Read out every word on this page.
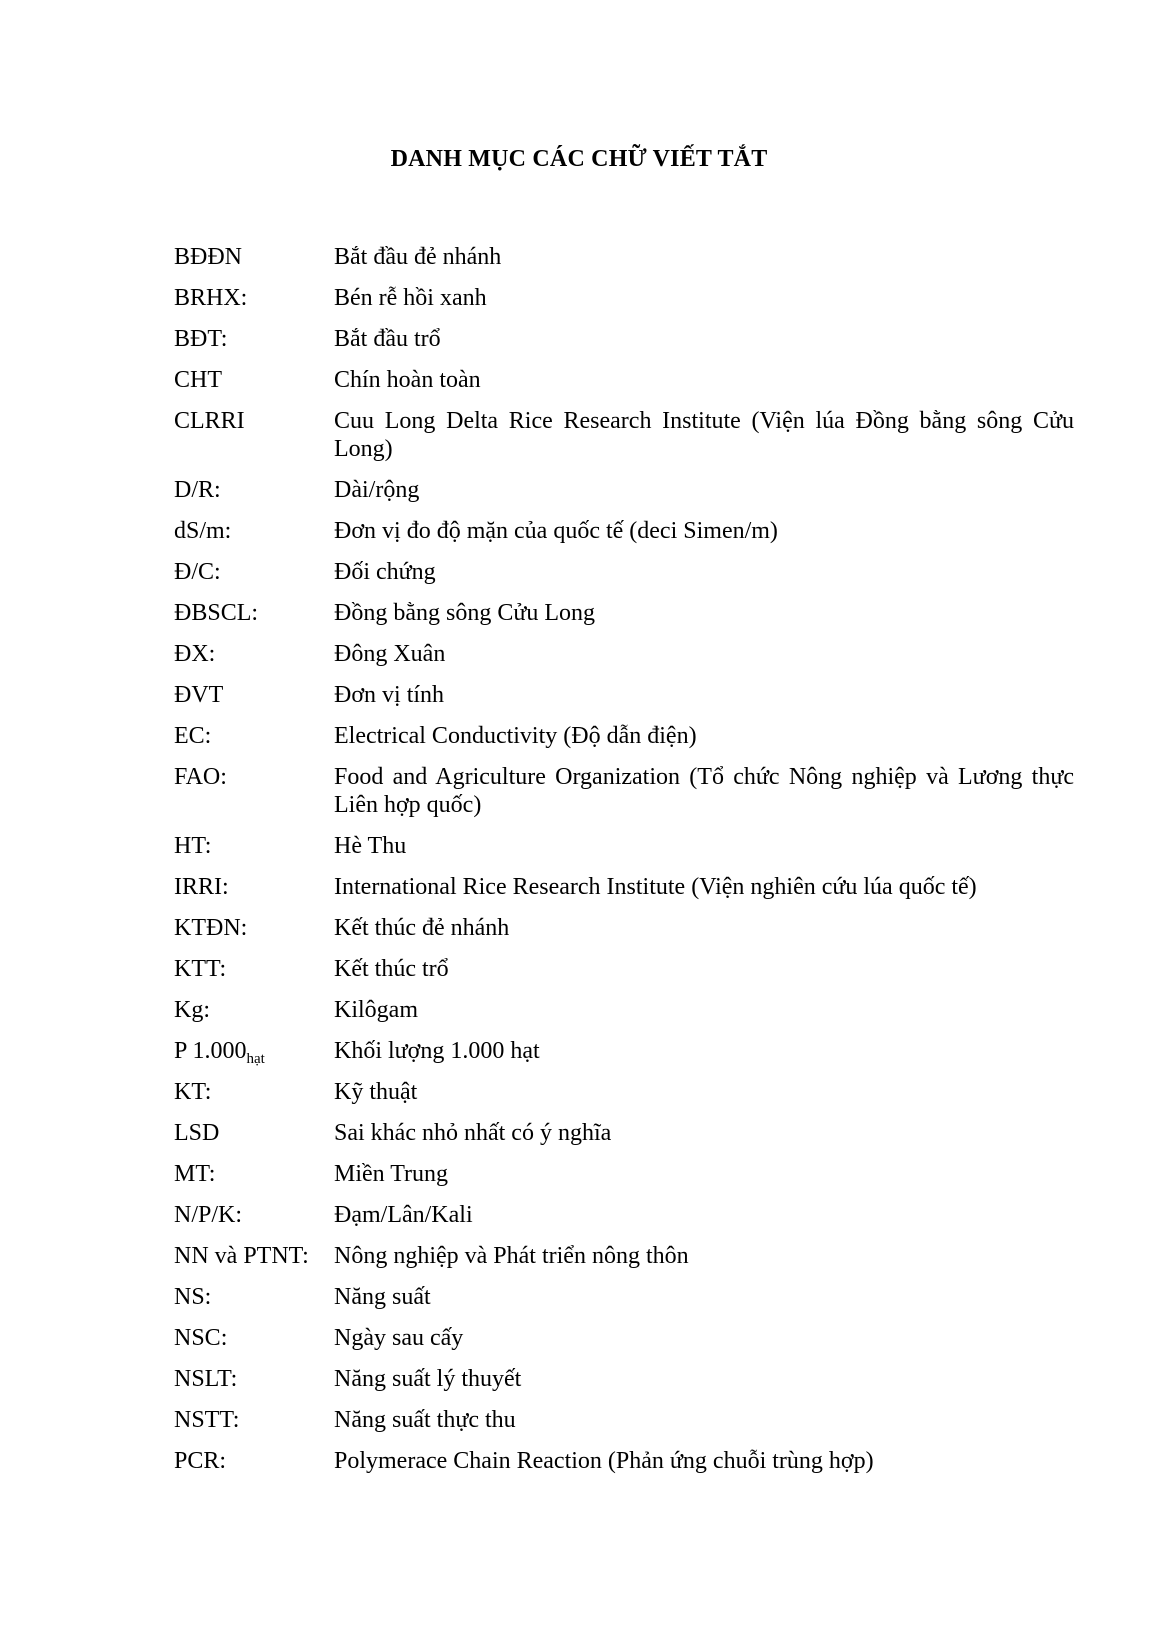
DANH MỤC CÁC CHỮ VIẾT TẮT
BĐĐN	Bắt đầu đẻ nhánh
BRHX:	Bén rễ hồi xanh
BĐT:	Bắt đầu trổ
CHT	Chín hoàn toàn
CLRRI	Cuu Long Delta Rice Research Institute (Viện lúa Đồng bằng sông Cửu Long)
D/R:	Dài/rộng
dS/m:	Đơn vị đo độ mặn của quốc tế (deci Simen/m)
Đ/C:	Đối chứng
ĐBSCL:	Đồng bằng sông Cửu Long
ĐX:	Đông Xuân
ĐVT	Đơn vị tính
EC:	Electrical Conductivity (Độ dẫn điện)
FAO:	Food and Agriculture Organization (Tổ chức Nông nghiệp và Lương thực Liên hợp quốc)
HT:	Hè Thu
IRRI:	International Rice Research Institute (Viện nghiên cứu lúa quốc tế)
KTĐN:	Kết thúc đẻ nhánh
KTT:	Kết thúc trổ
Kg:	Kilôgam
P $1.000_{hạt}$	Khối lượng 1.000 hạt
KT:	Kỹ thuật
LSD	Sai khác nhỏ nhất có ý nghĩa
MT:	Miền Trung
N/P/K:	Đạm/Lân/Kali
NN và PTNT:	Nông nghiệp và Phát triển nông thôn
NS:	Năng suất
NSC:	Ngày sau cấy
NSLT:	Năng suất lý thuyết
NSTT:	Năng suất thực thu
PCR:	Polymerace Chain Reaction (Phản ứng chuỗi trùng hợp)
